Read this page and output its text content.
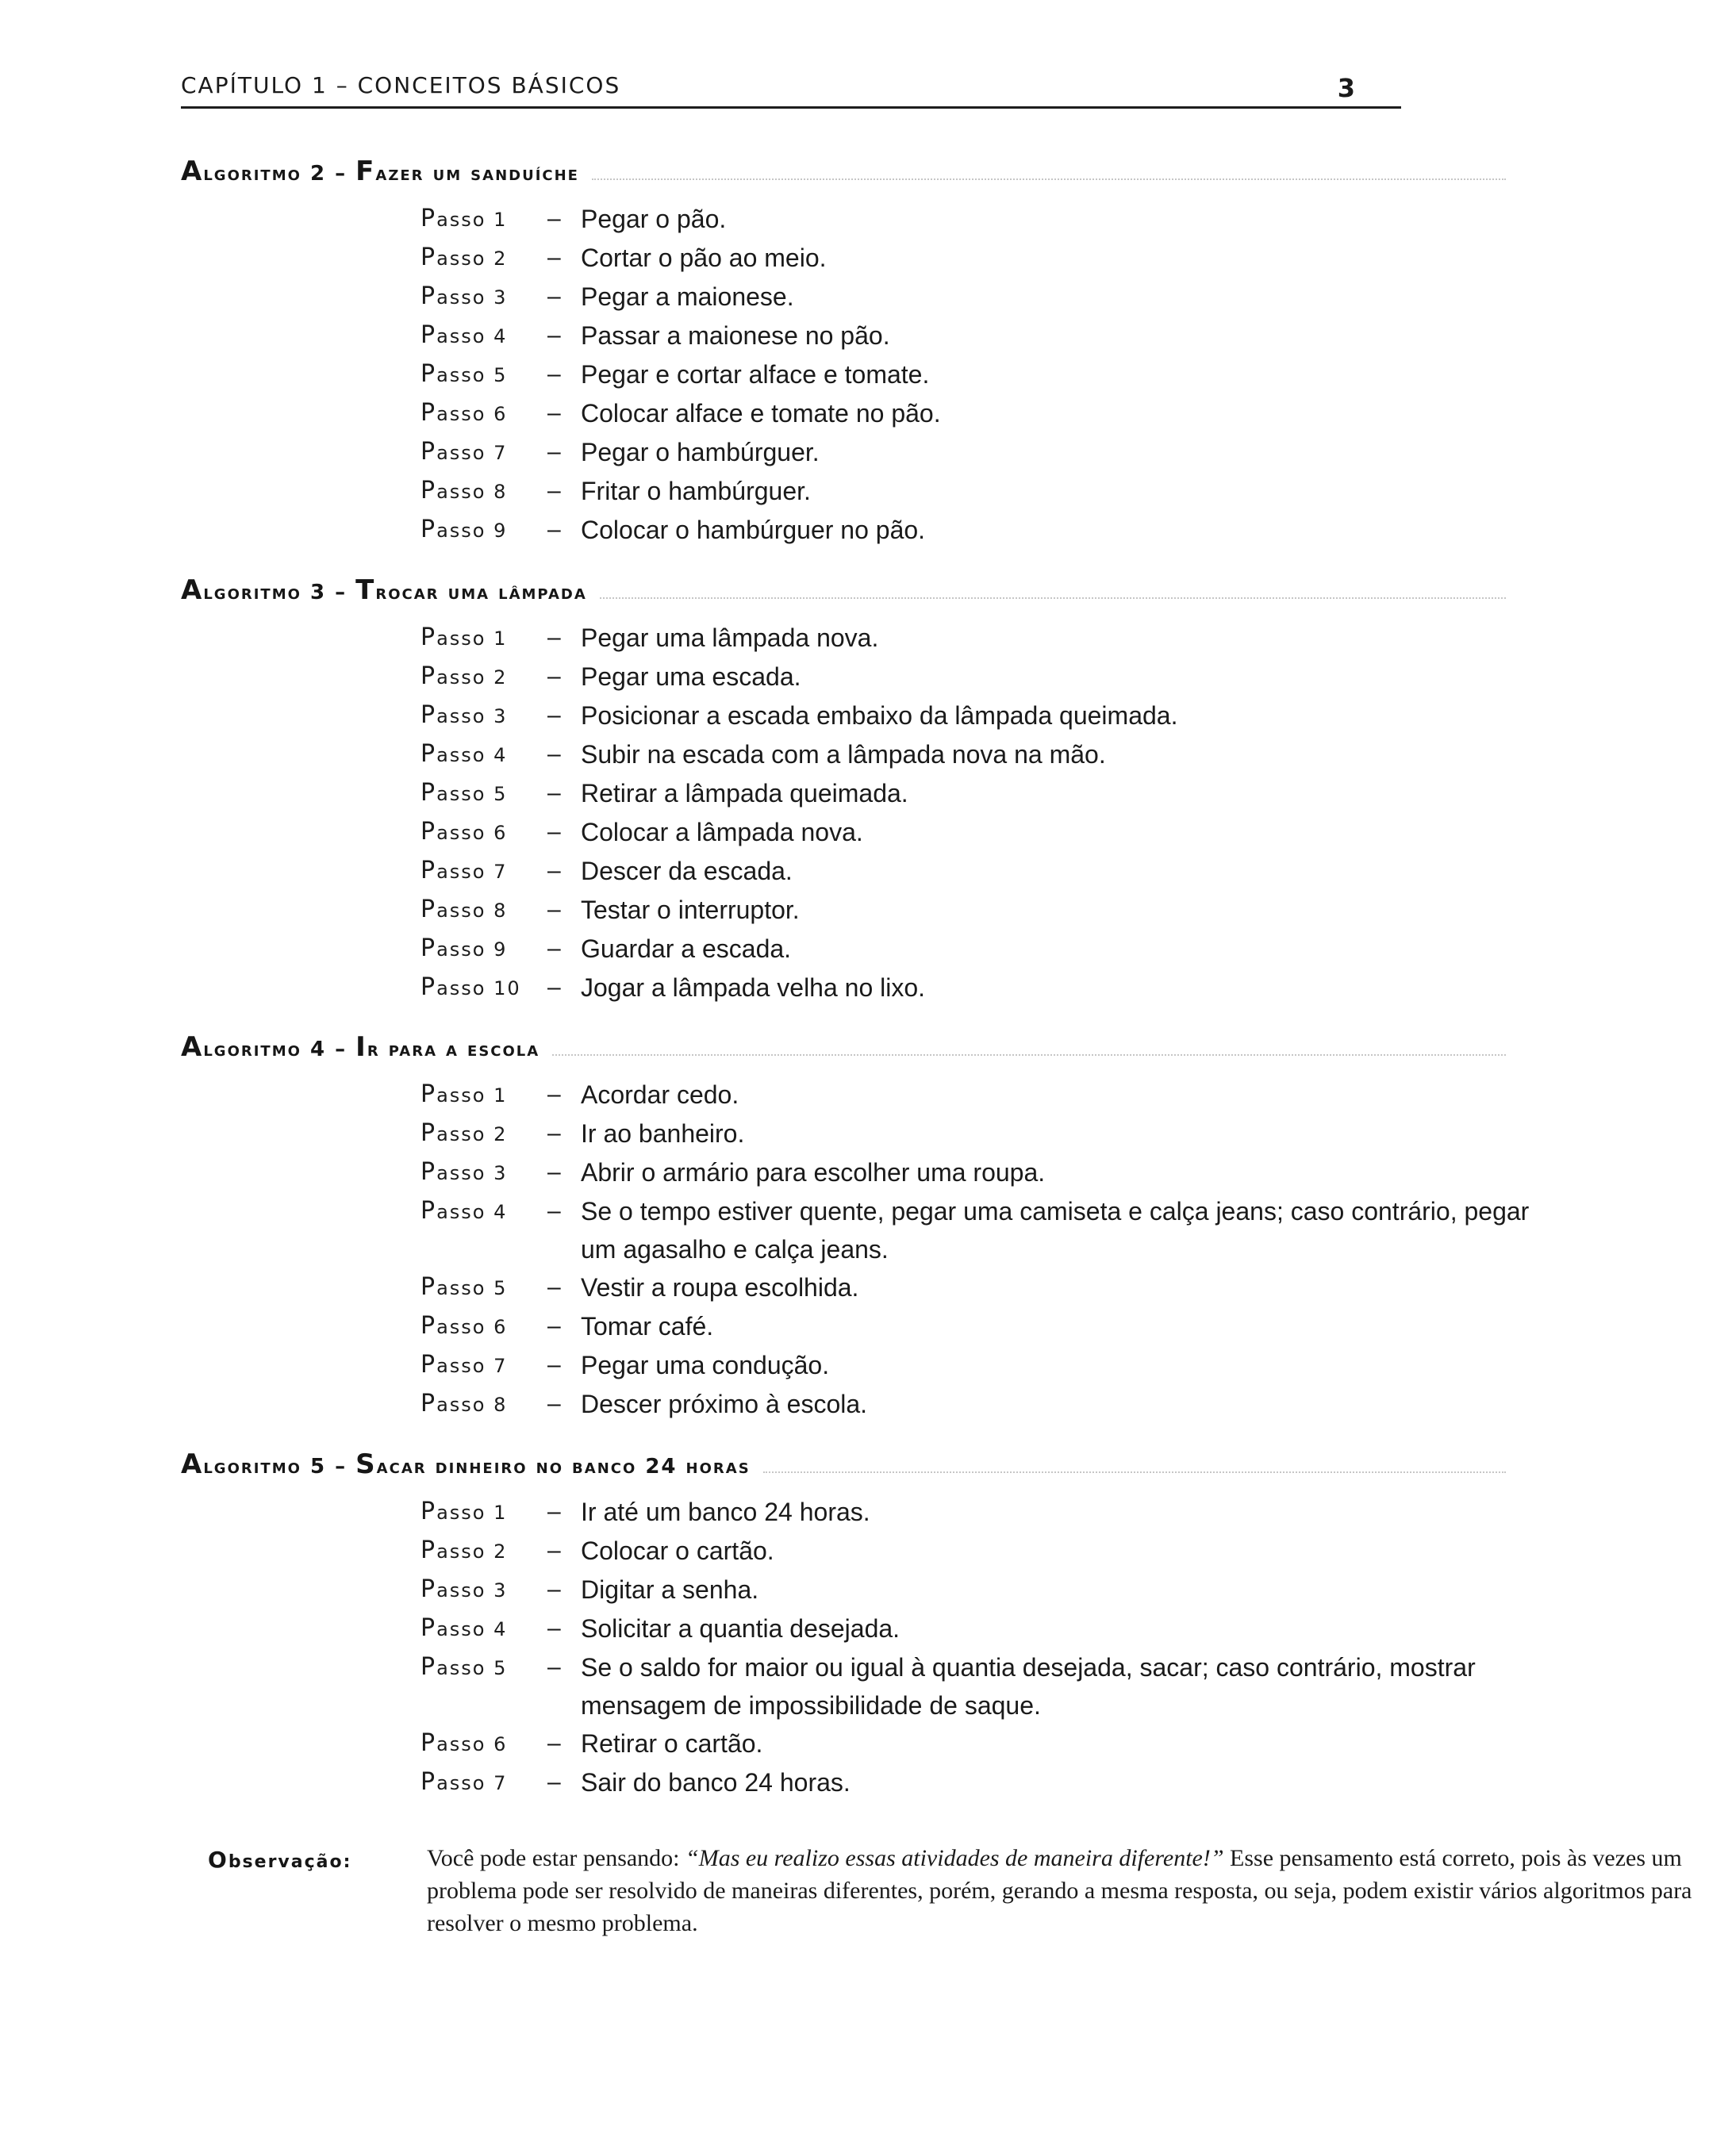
CAPÍTULO 1 – CONCEITOS BÁSICOS	3
Algoritmo 2 – Fazer um sanduíche
Passo 1	– Pegar o pão.
Passo 2	– Cortar o pão ao meio.
Passo 3	– Pegar a maionese.
Passo 4	– Passar a maionese no pão.
Passo 5	– Pegar e cortar alface e tomate.
Passo 6	– Colocar alface e tomate no pão.
Passo 7	– Pegar o hambúrguer.
Passo 8	– Fritar o hambúrguer.
Passo 9	– Colocar o hambúrguer no pão.
Algoritmo 3 – Trocar uma lâmpada
Passo 1	– Pegar uma lâmpada nova.
Passo 2	– Pegar uma escada.
Passo 3	– Posicionar a escada embaixo da lâmpada queimada.
Passo 4	– Subir na escada com a lâmpada nova na mão.
Passo 5	– Retirar a lâmpada queimada.
Passo 6	– Colocar a lâmpada nova.
Passo 7	– Descer da escada.
Passo 8	– Testar o interruptor.
Passo 9	– Guardar a escada.
Passo 10	– Jogar a lâmpada velha no lixo.
Algoritmo 4 – Ir para a escola
Passo 1	– Acordar cedo.
Passo 2	– Ir ao banheiro.
Passo 3	– Abrir o armário para escolher uma roupa.
Passo 4	– Se o tempo estiver quente, pegar uma camiseta e calça jeans; caso contrário, pegar um agasalho e calça jeans.
Passo 5	– Vestir a roupa escolhida.
Passo 6	– Tomar café.
Passo 7	– Pegar uma condução.
Passo 8	– Descer próximo à escola.
Algoritmo 5 – Sacar dinheiro no banco 24 horas
Passo 1	– Ir até um banco 24 horas.
Passo 2	– Colocar o cartão.
Passo 3	– Digitar a senha.
Passo 4	– Solicitar a quantia desejada.
Passo 5	– Se o saldo for maior ou igual à quantia desejada, sacar; caso contrário, mostrar mensagem de impossibilidade de saque.
Passo 6	– Retirar o cartão.
Passo 7	– Sair do banco 24 horas.
Observação:	Você pode estar pensando: “Mas eu realizo essas atividades de maneira diferente!” Esse pensamento está correto, pois às vezes um problema pode ser resolvido de maneiras diferentes, porém, gerando a mesma resposta, ou seja, podem existir vários algoritmos para resolver o mesmo problema.
